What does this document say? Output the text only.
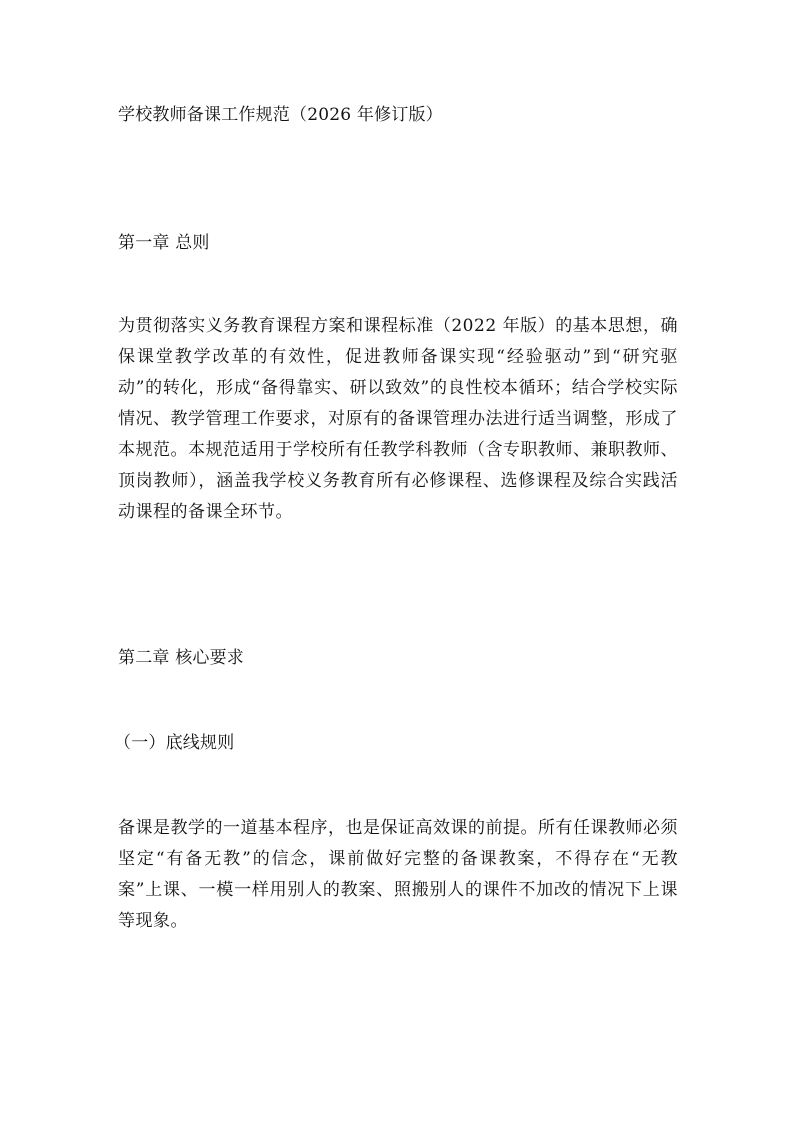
学校教师备课工作规范（2026 年修订版）
第一章 总则
为贯彻落实义务教育课程方案和课程标准（2022 年版）的基本思想，确保课堂教学改革的有效性，促进教师备课实现“经验驱动”到“研究驱动”的转化，形成“备得靠实、研以致效”的良性校本循环；结合学校实际情况、教学管理工作要求，对原有的备课管理办法进行适当调整，形成了本规范。本规范适用于学校所有任教学科教师（含专职教师、兼职教师、顶岗教师），涵盖我学校义务教育所有必修课程、选修课程及综合实践活动课程的备课全环节。
第二章 核心要求
（一）底线规则
备课是教学的一道基本程序，也是保证高效课的前提。所有任课教师必须坚定“有备无教”的信念，课前做好完整的备课教案，不得存在“无教案”上课、一模一样用别人的教案、照搬别人的课件不加改的情况下上课等现象。
